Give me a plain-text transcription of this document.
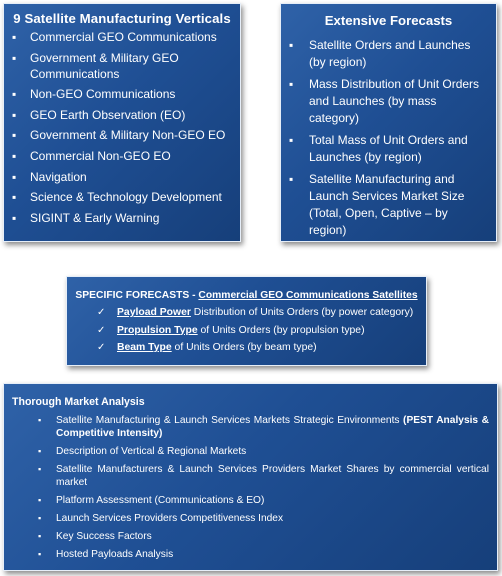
9 Satellite Manufacturing Verticals
▪ Commercial GEO Communications
▪ Government & Military GEO Communications
▪ Non-GEO Communications
▪ GEO Earth Observation (EO)
▪ Government & Military Non-GEO EO
▪ Commercial Non-GEO EO
▪ Navigation
▪ Science & Technology Development
▪ SIGINT & Early Warning
Extensive Forecasts
▪ Satellite Orders and Launches (by region)
▪ Mass Distribution of Unit Orders and Launches (by mass category)
▪ Total Mass of Unit Orders and Launches (by region)
▪ Satellite Manufacturing and Launch Services Market Size (Total, Open, Captive – by region)
SPECIFIC FORECASTS - Commercial GEO Communications Satellites
✓ Payload Power Distribution of Units Orders (by power category)
✓ Propulsion Type of Units Orders (by propulsion type)
✓ Beam Type of Units Orders (by beam type)
Thorough Market Analysis
▪ Satellite Manufacturing & Launch Services Markets Strategic Environments (PEST Analysis & Competitive Intensity)
▪ Description of Vertical & Regional Markets
▪ Satellite Manufacturers & Launch Services Providers Market Shares by commercial vertical market
▪ Platform Assessment (Communications & EO)
▪ Launch Services Providers Competitiveness Index
▪ Key Success Factors
▪ Hosted Payloads Analysis
